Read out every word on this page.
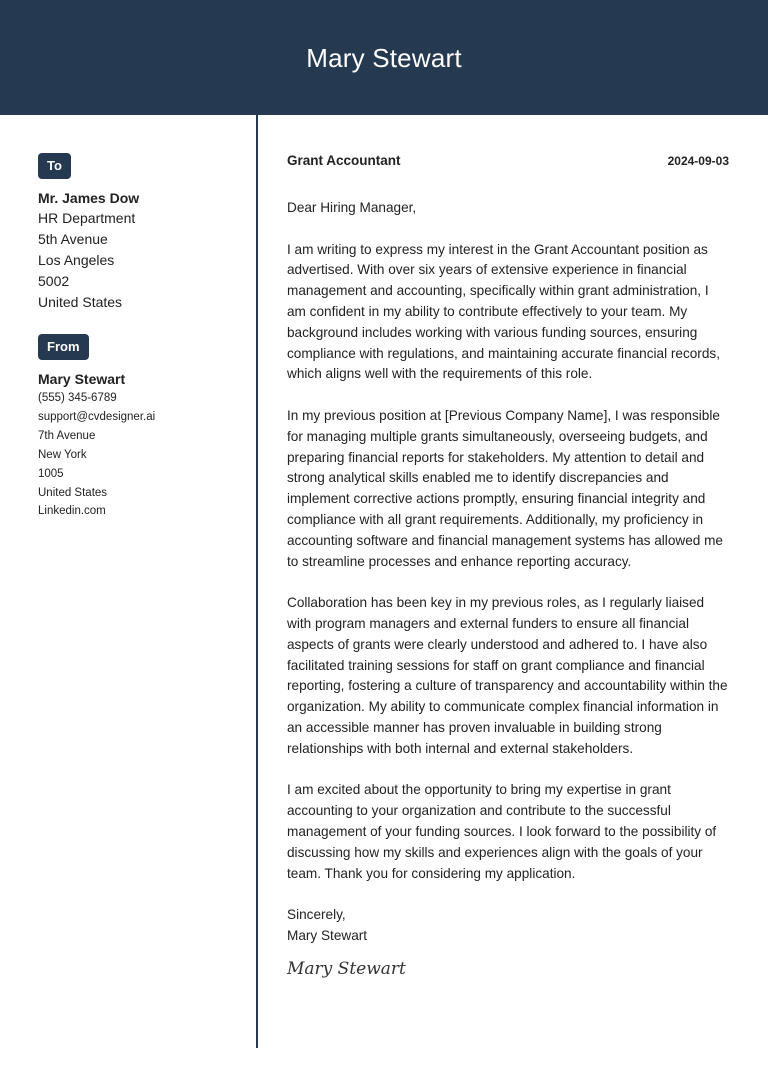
Mary Stewart
To
Mr. James Dow
HR Department
5th Avenue
Los Angeles
5002
United States
From
Mary Stewart
(555) 345-6789
support@cvdesigner.ai
7th Avenue
New York
1005
United States
Linkedin.com
Grant Accountant	2024-09-03
Dear Hiring Manager,

I am writing to express my interest in the Grant Accountant position as advertised. With over six years of extensive experience in financial management and accounting, specifically within grant administration, I am confident in my ability to contribute effectively to your team. My background includes working with various funding sources, ensuring compliance with regulations, and maintaining accurate financial records, which aligns well with the requirements of this role.

In my previous position at [Previous Company Name], I was responsible for managing multiple grants simultaneously, overseeing budgets, and preparing financial reports for stakeholders. My attention to detail and strong analytical skills enabled me to identify discrepancies and implement corrective actions promptly, ensuring financial integrity and compliance with all grant requirements. Additionally, my proficiency in accounting software and financial management systems has allowed me to streamline processes and enhance reporting accuracy.

Collaboration has been key in my previous roles, as I regularly liaised with program managers and external funders to ensure all financial aspects of grants were clearly understood and adhered to. I have also facilitated training sessions for staff on grant compliance and financial reporting, fostering a culture of transparency and accountability within the organization. My ability to communicate complex financial information in an accessible manner has proven invaluable in building strong relationships with both internal and external stakeholders.

I am excited about the opportunity to bring my expertise in grant accounting to your organization and contribute to the successful management of your funding sources. I look forward to the possibility of discussing how my skills and experiences align with the goals of your team. Thank you for considering my application.

Sincerely,
Mary Stewart
Mary Stewart
